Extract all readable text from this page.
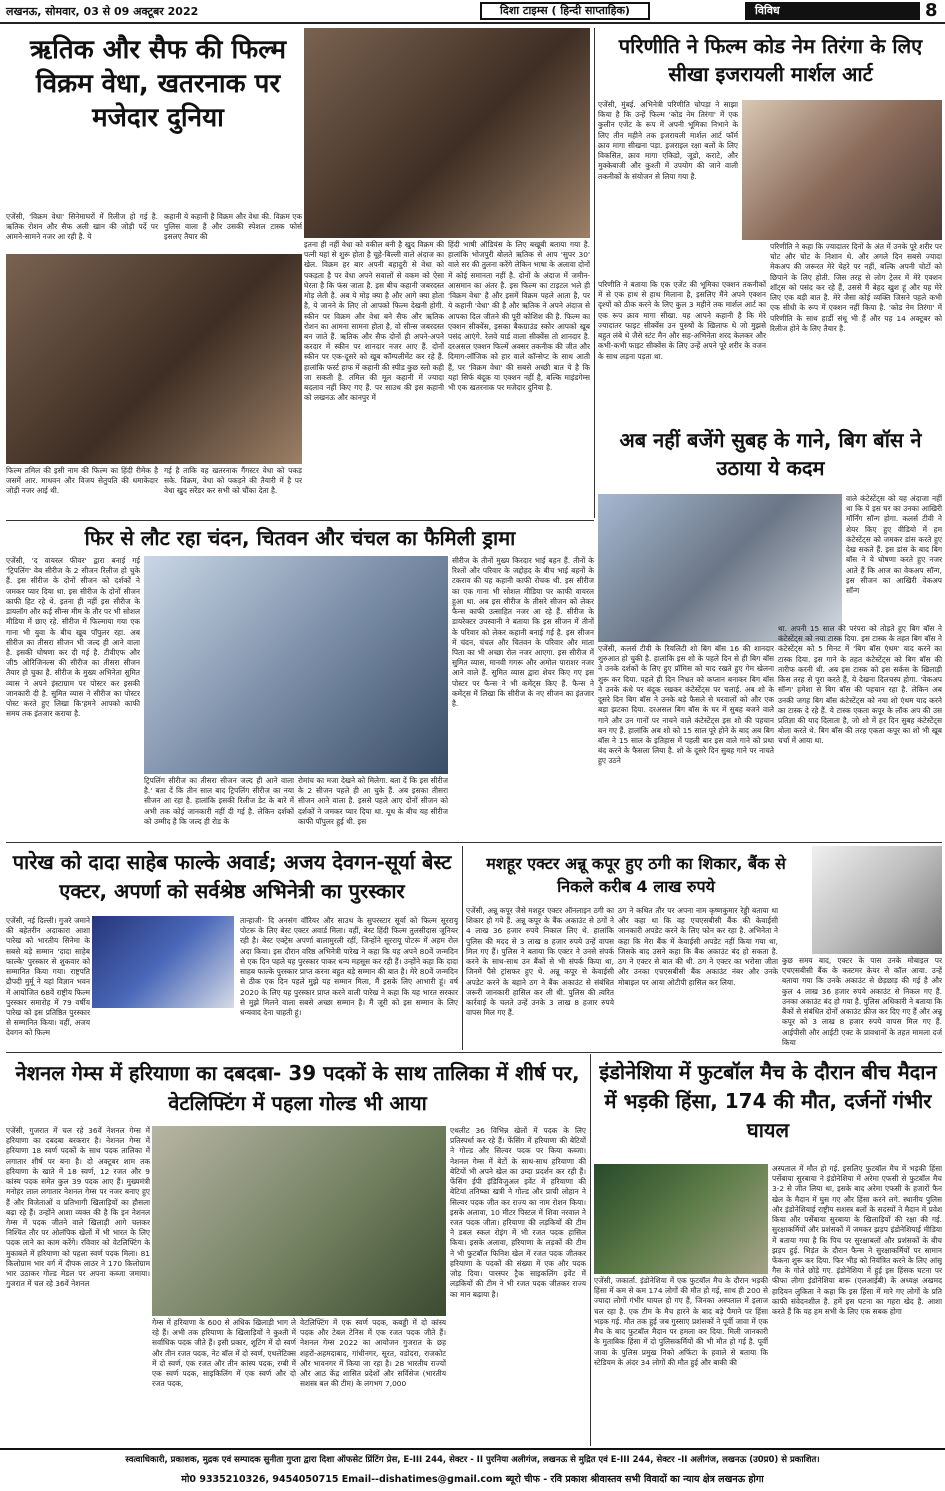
लखनऊ, सोमवार, 03 से 09 अक्टूबर 2022	दिशा टाइम्स ( हिन्दी साप्ताहिक)	विविध	8
ऋतिक और सैफ की फिल्म विक्रम वेधा, खतरनाक पर मजेदार दुनिया
एजेंसी, 'विक्रम वेधा' सिनेमाघरों में रिलीज हो गई है. ऋतिक रोशन और सैफ अली खान की जोड़ी पर्दे पर आमने-सामने नजर आ रही है. ये
कहानी ये कहानी है विक्रम और वेधा की. विक्रम एक पुलिस वाला है और उसकी स्पेशल टास्क फोर्स इसलए तैयार की
फिल्म तमिल की इसी नाम की फिल्म का हिंदी रीमेक है जसमें आर. माधवन और विजय सेतुपति की धमाकेदार जोड़ी नजर आई थी.
गई है ताकि वह खतरनाक गैंगस्टर वेधा को पकड़ सके. विक्रम, वेधा को पकड़ने की तैयारी में है पर वेधा खुद सरेंडर कर सभी को चौंका देता है.
इतना ही नहीं वेधा को वकील बनी है खुद विक्रम की पत्नी यहां से शुरू होता है चूहे-बिल्ली वाले अंदाज का खेल. विक्रम हर बार अपनी बहादुरी से वेधा को पकड़ता है पर वेधा अपने सवालों से वकम को ऐसा घेरता है कि फंस जाता है. इस बीच कहानी जबरदस्त मोड़ लेती है. अब ये मोड़ क्या है और आगे क्या होता है, ये जानने के लिए तो आपको फिल्म देखनी होगी. स्कीन पर विक्रम और वेधा बने सैफ और ऋतिक रोशन का आमना सामना होता है, वो सीन्स जबरदस्त बन जाते हैं. ऋतिक और सैफ दोनों ही अपने-अपने करदार में स्कीन पर शानदार नजर आए हैं. दोनों स्कीन पर एक-दूसरे को खूब कॉम्पलीमेंट कर रहे हैं. हालांकि फर्स्ट हाफ में कहानी की स्पीड कुछ स्लो कही जा सकती है. तमिल की मूल कहानी में ज्यादा बदलाव नहीं किए गए हैं. पर साउथ की इस कहानी को लखनऊ और कानपुर में
हिंदी भाषी ऑडियंस के लिए बखूबी बताया गया है. हालांकि भोजपुरी बोलते ऋतिक से आप 'सुपर 30' वाले सर की तुलना करेंगे लेकिन भाषा के अलावा दोनों में कोई समानता नहीं है. दोनों के अंदाज में जमीन-आसमान का अंतर है. इस फिल्म का टाइटल भले ही 'विक्रम वेधा' है और इसमें विक्रम पहले आता है, पर ये कहानी 'वेधा' की है और ऋतिक ने अपने अंदाज से आपका दिल जीतने की पूरी कोशिश की है. फिल्म का एक्शन सीक्वेंस, इसका बैकग्राउंड स्कोर आपको खूब पसंद आएंगे. रेलवे यार्ड वाला सीक्वेंस तो शानदार है. दरअसल एक्शन फिल्में अक्सर तकनीक की जीत और दिमाग-लॉजिक को हार वाले कॉन्सेप्ट के साथ आती हैं, पर 'विक्रम वेधा' की सबसे अच्छी बात ये है कि यहां सिर्फ बंदूक़ या एक्शन नहीं है, बल्कि माइंडगेम्स भी एक खतरनाक पर मजेदार दुनिया है.
परिणीति ने फिल्म कोड नेम तिरंगा के लिए सीखा इजरायली मार्शल आर्ट
एजेंसी, मुंबई. अभिनेत्री परिणीति चोपड़ा ने साझा किया है कि उन्हें फिल्म 'कोड नेम तिरंगा' में एक कुलीन एजेंट के रूप में अपनी भूमिका निभाने के लिए तीन महीने तक इजरायली मार्शल आर्ट फॉर्म क्राव मागा सीखना पड़ा. इजराइल रक्षा बलों के लिए विकसित, क्राव मागा एकिडो, जूडो, कराटे, और मुक्केबाजी और कुश्ती में उपयोग की जाने वाली तकनीकों के संयोजन से लिया गया है.
परिणीति ने बताया कि एक एजेंट की भूमिका एक्शन तकनीकों में से एक हाथ से हाथ मिलाना है, इसलिए मैंने अपने एक्शन दृश्यों को ठीक करने के लिए कुल 3 महीने तक मार्शल आर्ट का एक रूप क्राव मागा सीखा. यह आपने कहानी है कि मेरे ज्यादातर फाइट सीक्वेंस उन पुरुषों के खिलाफ थे जो मुझसे बहुत लंबे थे जैसे स्टंट मैन और सह-अभिनेता शरद केलकर और कभी-कभी फाइट सीक्वेंस के लिए उन्हें अपने पूरे शरीर के वजन के साथ लड़ना पड़ता था.
परिणीति ने कहा कि ज्यादातर दिनों के अंत में उनके पूरे शरीर पर चोट और चोट के निशान थे. और अगले दिन सबसे ज्यादा मेकअप की जरूरत मेरे चेहरे पर नहीं, बल्कि अपनी चोटों को छिपाने के लिए होती. जिस तरह से लोग ट्रेलर में मेरे एक्शन शॉट्स को पसंद कर रहे हैं, उससे मैं बेहद खुश हूं और यह मेरे लिए एक बड़ी बात है. मेरे जैसा कोई व्यक्ति जिसने पहले कभी एक सीधी के रूप में एक्शन नहीं किया है. 'कोड नेम तिरंगा' में परिणीति के साथ हार्डी संधू भी हैं और यह 14 अक्टूबर को रिलीज होने के लिए तैयार है.
अब नहीं बजेंगे सुबह के गाने, बिग बॉस ने उठाया ये कदम
वाले कंटेस्टेंट्स को यह अंदाजा नहीं था कि ये इस घर का उनका आखिरी मॉर्निंग सॉन्ग होगा. कलर्स टीवी ने शेयर किए हुए वीडियो में हम कंटेस्टेंट्स को जमकर डांस करते हुए देख सकते हैं. इस डांस के बाद बिग बॉस ने ये घोषणा करते हुए नजर आते हैं कि आज का वेकअप सॉन्ग, इस सीजन का आखिरी वेकअप सॉन्ग
एजेंसी, कलर्स टीवी के रियलिटी शो बिग बॉस 16 की शानदार शुरुआत हो चुकी है. हालांकि इस शो के पहले दिन से ही बिग बॉस ने उनके दर्शकों के लिए हुए प्रॉमिस को याद रखते हुए गेम खेलना शुरू कर दिया. पहले ही दिन निभ्रत को कप्तान बनाकर बिग बॉस ने उनके कंधे पर बंदूक रखकर कंटेस्टेंट्स पर चलाई. अब शो के दूसरे दिन बिग बॉस ने उनके बड़े फैसले से घरवालों को और एक बड़ा झटका दिया. दरअसल बिग बॉस के घर में सुबह बजने वाले गाने और उन गानों पर नाचने वाले कंटेस्टेंट्स इस शो की पहचान बन गए हैं. हालांकि अब शो को 15 साल पूरे होने के बाद अब बिग बॉस ने 15 साल के इतिहास में पहली बार इस वाले गाने को प्रथा बंद करने के फैसला लिया है. शो के दूसरे दिन सुबह गाने पर नाचते हुए उठने
था. अपनी 15 साल की परंपरा को तोड़ते हुए बिग बॉस ने कंटेस्टेंट्स को नया टास्क दिया. इस टास्क के तहत बिग बॉस ने कंटेस्टेंट्स को 5 मिनट में 'बिग बॉस एंथम' याद करने का टास्क दिया. इस गाने के तहत कंटेस्टेंट्स को बिग बॉस की तारीफ करनी थी. अब इस टास्क को इस सर्कस के खिलाड़ी किस तरह से पूरा करते हैं, ये देखना दिलचस्प होगा. 'वेकअप सॉन्ग' हमेशा से बिग बॉस की पहचान रहा है. लेकिन अब उनकी जगह बिग बॉस कंटेस्टेंट्स को नया शो एंथम याद करने का टास्क दे रहे हैं. ये टास्क एकता कपूर के लॉक अप की उस प्रतिज्ञा की याद दिलाता है, जो शो में हर दिन सुबह कंटेस्टेंट्स बोला करते थे. बिग बॉस की तरह एकता कपूर का शो भी खूब चर्चा में आया था.
फिर से लौट रहा चंदन, चितवन और चंचल का फैमिली ड्रामा
एजेंसी, 'द वायरल फीवर' द्वारा बनाई गई 'ट्रिपलिंग' वेब सीरीज के 2 सीजन रिलीज हो चुके हैं. इस सीरीज के दोनों सीजन को दर्शकों ने जमकर प्यार दिया था. इस सीरीज के दोनों सीजन काफी हिट रहे थे. इतना ही नहीं इस सीरीज के डायलॉग और कई सीन्स मीम के तौर पर भी सोशल मीडिया में छाए रहे. सीरीज में फिल्माया गया एक गाना भी युवा के बीच खूब पॉपुलर रहा. अब सीरीज का तीसरा सीजन भी जल्द ही आने वाला है. इसकी घोषणा कर दी गई है. टीवीएफ और जी5 ओरिजिनल्स की सीरीज का तीसरा सीजन तैयार हो चुका है. सीरीज के मुख्य अभिनेता सुमित व्यास ने अपने इंस्टाग्राम पर पोस्टर कर इसकी जानकारी दी है. सुमित व्यास ने सीरीज का पोस्टर पोस्ट करते हुए लिखा कि'हमने आपको काफी समय तक इंतजार कराया है.
ट्रिपलिंग सीरीज का तीसरा सीजन जल्द ही आने वाला है.' बता दें कि तीन साल बाद ट्रिपलिंग सीरीज का नया सीजन आ रहा है. हालांकि इसकी रिलीज डेट के बारे में अभी तक कोई जानकारी नहीं दी गई है. लेकिन दर्शकों को उम्मीद है कि जल्द ही रोड के
रोमांच का मजा देखने को मिलेगा. बता दें कि इस सीरीज के 2 सीजन पहले ही आ चुके हैं. अब इसका तीसरा सीजन आने वाला है. इससे पहले आए दोनों सीजन को दर्शकों ने जमकर प्यार दिया था. यूथ के बीच यह सीरीज काफी पॉपुलर हुई थी. इस
सीरीज के तीनों मुख्य किरदार भाई बहन हैं. तीनों के रिश्तों और परिवार के जद्दोहद के बीच भाई बहनों के टकराव की यह कहानी काफी रोचक थी. इस सीरीज का एक गाना भी सोशल मीडिया पर काफी वायरल हुआ था. अब इस सीरीज के तीसरे सीजन को लेकर फैन्स काफी उत्साहित नजर आ रहे हैं. सीरीज के डायरेक्टर उपस्वानी ने बताया कि इस सीजन में तीनों के परिवार को लेकर कहानी बनाई गई है. इस सीजन में चंदन, चंचल और चितवन के परिवार और माता पिता का भी अच्छा रोल नजर आएगा. इस सीरीज में सुमित व्यास, मानवी गगरू और अमोल पाराशर नजर आने वाले हैं. सुमित व्यास द्वारा शेयर किए गए इस पोस्टर पर फैन्स ने भी कमेंट्स किए हैं. फैन्स ने कमेंट्स में लिखा कि सीरीज के नए सीजन का इंतजार है.
पारेख को दादा साहेब फाल्के अवार्ड; अजय देवगन-सूर्या बेस्ट एक्टर, अपर्णा को सर्वश्रेष्ठ अभिनेत्री का पुरस्कार
एजेंसी, नई दिल्ली। गुजरे जमाने की बहेतरीन अदाकारा आशा पारेख को भारतीय सिनेमा के सबसे बड़े सम्मान 'दादा साहेब फाल्के' पुरस्कार से शुकवार को सम्मानित किया गया। राष्ट्रपति द्रौपदी मुर्मू ने यहां विज्ञान भवन में आयोजित 68वें राष्ट्रीय फिल्म पुरस्कार समारोह में 79 वर्षीय पारेख को इस प्रतिष्ठित पुरस्कार से सम्मानित किया। वहीं, अजय देवगन को फिल्म
तान्हाजी- दि अनसंग वॉरियर और साउथ के सुपरस्टार सूर्या को फिल्म सूररायू पोटरू के लिए बेस्ट एक्टर अवार्ड मिला। वहीं, बेस्ट हिंदी फिल्म तुलसीदास जूनियर रही है। बेस्ट एक्ट्रेस अपर्णा बालामुरली रहीं, जिन्होंने सूररायू पोटरू में अहम रोल अदा किया। इस दौरान वरिष्ठ अभिनेत्री पारेख ने कहा कि यह अपने 80वें जन्मदिन से एक दिन पहले यह पुरस्कार पाकर धन्य महसूस कर रही हैं। उन्होंने कहा कि दादा साहब फाल्के पुरस्कार प्राप्त करना बहुत बड़े सम्मान की बात है। मेरे 80वें जन्मदिन से ठीक एक दिन पहले मुझे यह सम्मान मिला, मैं इसके लिए आभारी हूं। वर्ष 2020 के लिए यह पुरस्कार प्राप्त करने वाली पारेख ने कहा कि यह भारत सरकार से मुझे मिलने वाला सबसे अच्छा सम्मान है। मैं जूरी को इस सम्मान के लिए धन्यवाद देना चाहती हूं।
मशहूर एक्टर अन्नू कपूर हुए ठगी का शिकार, बैंक से निकले करीब 4 लाख रुपये
एजेंसी, अन्नू कपूर जैसे मशहूर एक्टर ऑनलाइन ठगी का शिकार हो गये हैं. अन्नू कपूर के बैंक अकाउंट से ठगों ने 4 लाख 36 हजार रुपये निकाल लिए थे. हालांकि पुलिस की मदद से 3 लाख 8 हजार रुपये उन्हें वापस मिल गए हैं। पुलिस ने बताया कि एक्टर ने उनसे संपर्क करने के साथ-साथ उन बैंकों से भी संपर्क किया था, जिनमें पैसे ट्रांसफर हुए थे. अन्नू कपूर से केवाईसी अपडेट करने के बहाने ठग ने बैंक अकाउंट से संबंधित जरूरी जानकारी हासिल कर ली थी. पुलिस की त्वरित कार्रवाई के चलते उन्हें उनके 3 लाख 8 हजार रुपये वापस मिल गए हैं.
ठग ने कथित तौर पर अपना नाम कृष्णकुमार रेड्डी बताया था और कहा था कि वह एचएसबीसी बैंक की केवाईसी जानकारी अपडेट करने के लिए फोन कर रहा है. अभिनेता ने कहा कि मेरा बैंक में केवाईसी अपडेट नहीं किया गया था, जिसके बाद उसने कहा कि बैंक अकाउंट बंद हो सकता है. ठग ने एक्टर से बात की थी. ठग ने एक्टर का भरोसा जीता और उनका एचएसबीसी बैंक अकाउंट नंबर और उनके मोबाइल पर आया ओटीपी हासिल कर लिया.
कुछ समय बाद, एक्टर के पास उनके मोबाइल पर एचएसबीसी बैंक के कस्टमर केयर से कॉल आया. उन्हें बताया गया कि उनके अकाउंट से छेड़छाड़ की गई है और कुल 4 लाख 36 हजार रुपये अकाउंट से निकल गए हैं. उनका अकाउंट बंद हो गया है. पुलिस अधिकारी ने बताया कि बैंकों से संबंधित दोनों अकाउंट फ्रीज कर दिए गए हैं और अन्नू कपूर को 3 लाख 8 हजार रुपये वापस मिल गए हैं. आईपीसी और आईटी एक्ट के प्रावधानों के तहत मामला दर्ज किया
नेशनल गेम्स में हरियाणा का दबदबा- 39 पदकों के साथ तालिका में शीर्ष पर, वेटलिफ्टिंग में पहला गोल्ड भी आया
एजेंसी, गुजरात में चल रहे 36वें नेशनल गेम्स में हरियाणा का दबदबा बरकरार है। नेशनल गेम्स में हरियाणा 18 स्वर्ण पदकों के साथ पदक तालिका में लगातार शीर्ष पर बना है। दो अक्टूबर शाम तक हरियाणा के खाते में 18 स्वर्ण, 12 रजत और 9 कांस्य पदक समेत कुल 39 पदक आए हैं। मुख्यमंत्री मनोहर लाल लगातार नेशनल गेम्स पर नजर बनाए हुए हैं और विजेताओं व प्रतिभागी खिलाड़ियों का हौसला बढ़ा रहे हैं। उन्होंने आशा व्यक्त की है कि इन नेशनल गेम्स में पदक जीतने वाले खिलाड़ी आगे चलकर निश्चित तौर पर ओलंपिक खेलों में भी भारत के लिए पदक लाने का काम करेंगे। रविवार को वेटलिफ्टिंग के मुकाबले में हरियाणा को पहला स्वर्ण पदक मिला। 81 किलोग्राम भार वर्ग में दीपक लाठर ने 170 किलोग्राम भार उठाकर गोल्ड मेडल पर अपना कब्जा जमाया। गुजरात में चल रहे 36वें नेशनल
गेम्स में हरियाणा के 600 से अधिक खिलाड़ी भाग ले रहे हैं। अभी तक हरियाणा के खिलाड़ियों ने कुश्ती में सर्वाधिक पदक जीते हैं। इसी प्रकार, शूटिंग में दो स्वर्ण और तीन रजत पदक, नेट बॉल में दो स्वर्ण, एथलेटिक्स में दो स्वर्ण, एक रजत और तीन कांस्य पदक, रग्बी में एक स्वर्ण पदक, साइकिलिंग में एक स्वर्ण और दो रजत पदक,
वेटलिफ्टिंग में एक स्वर्ण पदक, कबड्डी में दो कांस्य पदक और टेबल टेनिस में एक रजत पदक जीते हैं। नेशनल गेम्स 2022 का आयोजन गुजरात के छह शहरों-अहमदाबाद, गांधीनगर, सूरत, वडोदरा, राजकोट और भावनगर में किया जा रहा है। 28 भारतीय राज्यों और आठ केंद्र शासित प्रदेशों और सर्विसेज (भारतीय सशस्त्र बल की टीम) के लगभग 7,000
एथलीट 36 विभिन्न खेलों में पदक के लिए प्रतिस्पर्धा कर रहे हैं। फेंसिंग में हरियाणा की बेटियों ने गोल्ड और सिल्वर पदक पर किया कब्जा। नेशनल गेम्स में बेटों के साथ-साथ हरियाणा की बेटियों भी अपने खेल का उम्दा प्रदर्शन कर रही हैं। फेंसिंग ईपी इंडिविजुअल इवेंट में हरियाणा की बेटियां तनिष्का खत्री ने गोल्ड और प्राची लोहान ने सिल्वर पदक जीत कर राज्य का नाम रोशन किया। इसके अलावा, 10 मीटर पिस्टल में शिवा नरवाल ने रजत पदक जीता। हरियाणा की लड़कियों की टीम ने डबल स्कल रोइंग में भी रजत पदक हासिल किया। इसके अलावा, हरियाणा के लड़कों की टीम ने भी फुटबॉल फिनिश खेल में रजत पदक जीतकर हरियाणा के पदकों की संख्या में एक और पदक जोड़ दिया। पारस्पर ट्रैक साइकलिंग इवेंट में लड़कियों की टीम ने भी रजत पदक जीतकर राज्य का मान बढ़ाया है।
इंडोनेशिया में फुटबॉल मैच के दौरान बीच मैदान में भड़की हिंसा, 174 की मौत, दर्जनों गंभीर घायल
एजेंसी, जकार्ता. इंडोनेशिया में एक फुटबॉल मैच के दौरान भड़की हिंसा में कम से कम 174 लोगों की मौत हो गई, साथ ही 200 से ज्यादा लोगों गंभीर घायल हो गए हैं, जिनका अस्पताल में इलाज चल रहा है. एक टीम के मैच हारने के बाद बड़े पैमाने पर हिंसा भड़क गई. मौत तक हुई जब गुस्साए प्रशंसकों ने पूर्वी जावा में एक मैच के बाद फुटबॉल मैदान पर हमला कर दिया. मिली जानकारी के मुताबिक हिंसा में दो पुलिसकर्मियों की भी मौत हो गई है. पूर्वी जावा के पुलिस प्रमुख निको अफिंटा के हवाले से बताया कि स्टेडियम के अंदर 34 लोगों की मौत हुई और बाकी की
अस्पताल में मौत हो गई. इसलिए फुटबॉल मैच में भड़की हिंसा पर्सेबाया सुरबाया ने इंडोनेशिया में अरेमा एफसी से फुटबॉल मैच 3-2 से जीत लिया था, इसके बाद अरेमा एफसी के हजारों फैन खेल के मैदान में घुस गए और हिंसा करने लगे. स्थानीय पुलिस और इंडोनेशियाई राष्ट्रीय सशस्त्र बलों के सदस्यों ने मैदान में प्रवेश किया और पर्सेबाया सुरबाया के खिलाड़ियों की रक्षा की गई. सुरक्षाकर्मियों और प्रशंसकों में जमकर झड़प इंडोनेशियाई मीडिया में बताया गया है कि पिच पर सुरक्षाबलों और प्रशंसकों के बीच झड़प हुई. भिड़ंत के दौरान फैन्स ने सुरक्षाकर्मियों पर सामान फेंकना शुरू कर दिया. फिर भीड़ को नियंत्रित करने के लिए आंसू गैस के गोले छोड़े गए. इंडोनेशिया में हुई इस हिंसक घटना पर फीफा लीगा इंडोनेशिया बारू (एलआईबी) के अध्यक्ष अखमद हादियन लुकिता ने कहा कि इस हिंसा में मारे गए लोगों के प्रति काफी संवेदनशील है. हमें इस घटना का गहरा खेद है. आशा करते हैं कि यह हम सभी के लिए एक सबक होगा
स्वत्वाधिकारी, प्रकाशक, मुद्रक एवं सम्पादक सुनीता गुप्ता द्वारा दिशा ऑफसेट प्रिंटिंग प्रेस, E-III 244, सेक्टर - II पुरनिया अलीगंज, लखनऊ से मुद्रित एवं E-III 244, सेक्टर -II अलीगंज, लखनऊ (उ0प्र0) से प्रकाशित।
मो0 9335210326, 9454050715 Email--dishatimes@gmail.com ब्यूरो चीफ - रवि प्रकाश श्रीवास्तव सभी विवादों का न्याय क्षेत्र लखनऊ होगा
